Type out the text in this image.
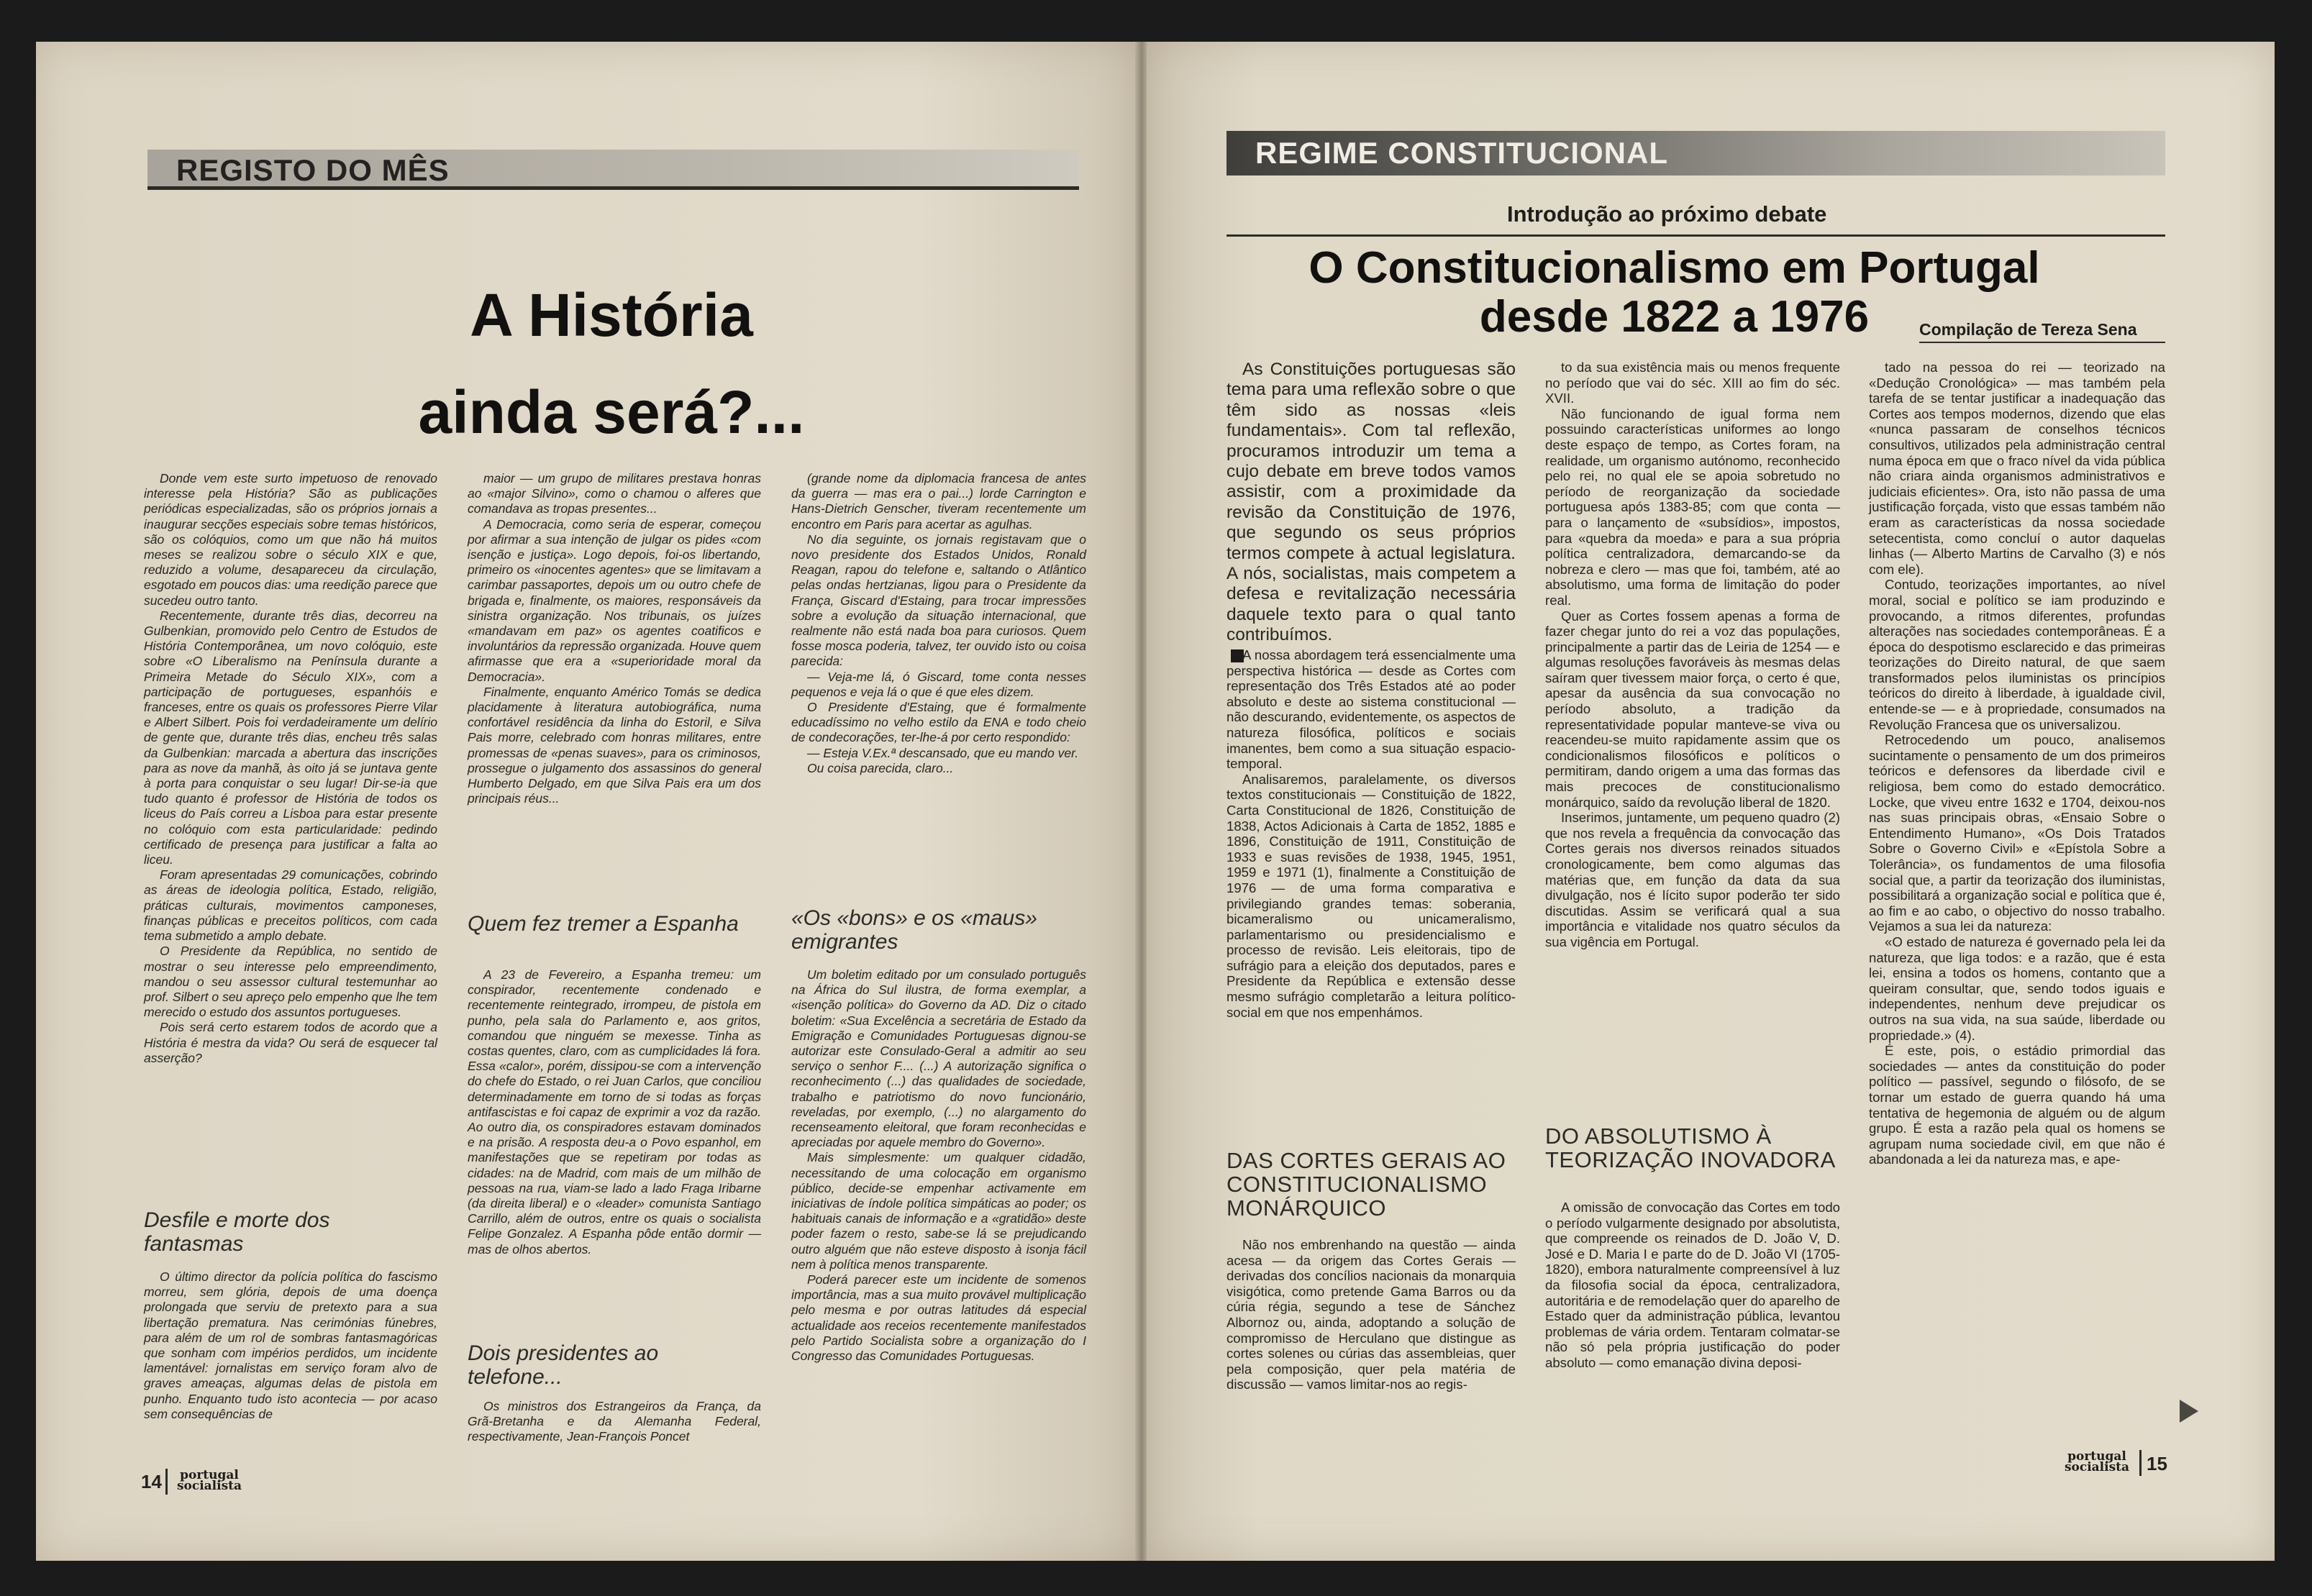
REGISTO DO MÊS
A História
ainda será?...

Donde vem este surto impetuoso de renovado interesse pela História? São as publicações periódicas especializadas, são os próprios jornais a inaugurar secções especiais sobre temas históricos, são os colóquios, como um que não há muitos meses se realizou sobre o século XIX e que, reduzido a volume, desapareceu da circulação, esgotado em poucos dias: uma reedição parece que sucedeu outro tanto.

Recentemente, durante três dias, decorreu na Gulbenkian, promovido pelo Centro de Estudos de História Contemporânea, um novo colóquio, este sobre «O Liberalismo na Península durante a Primeira Metade do Século XIX», com a participação de portugueses, espanhóis e franceses, entre os quais os professores Pierre Vilar e Albert Silbert. Pois foi verdadeiramente um delírio de gente que, durante três dias, encheu três salas da Gulbenkian: marcada a abertura das inscrições para as nove da manhã, às oito já se juntava gente à porta para conquistar o seu lugar! Dir-se-ia que tudo quanto é professor de História de todos os liceus do País correu a Lisboa para estar presente no colóquio com esta particularidade: pedindo certificado de presença para justificar a falta ao liceu.

Foram apresentadas 29 comunicações, cobrindo as áreas de ideologia política, Estado, religião, práticas culturais, movimentos camponeses, finanças públicas e preceitos políticos, com cada tema submetido a amplo debate.

O Presidente da República, no sentido de mostrar o seu interesse pelo empreendimento, mandou o seu assessor cultural testemunhar ao prof. Silbert o seu apreço pelo empenho que lhe tem merecido o estudo dos assuntos portugueses.

Pois será certo estarem todos de acordo que a História é mestra da vida? Ou será de esquecer tal asserção?

Desfile e morte dos fantasmas

O último director da polícia política do fascismo morreu, sem glória, depois de uma doença prolongada que serviu de pretexto para a sua libertação prematura. Nas cerimónias fúnebres, para além de um rol de sombras fantasmagóricas que sonham com impérios perdidos, um incidente lamentável: jornalistas em serviço foram alvo de graves ameaças, algumas delas de pistola em punho. Enquanto tudo isto acontecia — por acaso sem consequências de

maior — um grupo de militares prestava honras ao «major Silvino», como o chamou o alferes que comandava as tropas presentes...

A Democracia, como seria de esperar, começou por afirmar a sua intenção de julgar os pides «com isenção e justiça». Logo depois, foi-os libertando, primeiro os «inocentes agentes» que se limitavam a carimbar passaportes, depois um ou outro chefe de brigada e, finalmente, os maiores, responsáveis da sinistra organização. Nos tribunais, os juízes «mandavam em paz» os agentes coatificos e involuntários da repressão organizada. Houve quem afirmasse que era a «superioridade moral da Democracia».

Finalmente, enquanto Américo Tomás se dedica placidamente à literatura autobiográfica, numa confortável residência da linha do Estoril, e Silva Pais morre, celebrado com honras militares, entre promessas de «penas suaves», para os criminosos, prossegue o julgamento dos assassinos do general Humberto Delgado, em que Silva Pais era um dos principais réus...

Quem fez tremer a Espanha

A 23 de Fevereiro, a Espanha tremeu: um conspirador, recentemente condenado e recentemente reintegrado, irrompeu, de pistola em punho, pela sala do Parlamento e, aos gritos, comandou que ninguém se mexesse. Tinha as costas quentes, claro, com as cumplicidades lá fora. Essa «calor», porém, dissipou-se com a intervenção do chefe do Estado, o rei Juan Carlos, que conciliou determinadamente em torno de si todas as forças antifascistas e foi capaz de exprimir a voz da razão. Ao outro dia, os conspiradores estavam dominados e na prisão. A resposta deu-a o Povo espanhol, em manifestações que se repetiram por todas as cidades: na de Madrid, com mais de um milhão de pessoas na rua, viam-se lado a lado Fraga Iribarne (da direita liberal) e o «leader» comunista Santiago Carrillo, além de outros, entre os quais o socialista Felipe Gonzalez. A Espanha pôde então dormir — mas de olhos abertos.

Dois presidentes ao telefone...

Os ministros dos Estrangeiros da França, da Grã-Bretanha e da Alemanha Federal, respectivamente, Jean-François Poncet

(grande nome da diplomacia francesa de antes da guerra — mas era o pai...) lorde Carrington e Hans-Dietrich Genscher, tiveram recentemente um encontro em Paris para acertar as agulhas.

No dia seguinte, os jornais registavam que o novo presidente dos Estados Unidos, Ronald Reagan, rapou do telefone e, saltando o Atlântico pelas ondas hertzianas, ligou para o Presidente da França, Giscard d'Estaing, para trocar impressões sobre a evolução da situação internacional, que realmente não está nada boa para curiosos. Quem fosse mosca poderia, talvez, ter ouvido isto ou coisa parecida:

— Veja-me lá, ó Giscard, tome conta nesses pequenos e veja lá o que é que eles dizem.

O Presidente d'Estaing, que é formalmente educadíssimo no velho estilo da ENA e todo cheio de condecorações, ter-lhe-á por certo respondido:

— Esteja V.Ex.ª descansado, que eu mando ver.

Ou coisa parecida, claro...

«Os «bons» e os «maus» emigrantes

Um boletim editado por um consulado português na África do Sul ilustra, de forma exemplar, a «isenção política» do Governo da AD. Diz o citado boletim: «Sua Excelência a secretária de Estado da Emigração e Comunidades Portuguesas dignou-se autorizar este Consulado-Geral a admitir ao seu serviço o senhor F.... (...) A autorização significa o reconhecimento (...) das qualidades de sociedade, trabalho e patriotismo do novo funcionário, reveladas, por exemplo, (...) no alargamento do recenseamento eleitoral, que foram reconhecidas e apreciadas por aquele membro do Governo».

Mais simplesmente: um qualquer cidadão, necessitando de uma colocação em organismo público, decide-se empenhar activamente em iniciativas de índole política simpáticas ao poder; os habituais canais de informação e a «gratidão» deste poder fazem o resto, sabe-se lá se prejudicando outro alguém que não esteve disposto à isonja fácil nem à política menos transparente.

Poderá parecer este um incidente de somenos importância, mas a sua muito provável multiplicação pelo mesma e por outras latitudes dá especial actualidade aos receios recentemente manifestados pelo Partido Socialista sobre a organização do I Congresso das Comunidades Portuguesas.

14	portugal
socialista
REGIME CONSTITUCIONAL
Introdução ao próximo debate
O Constitucionalismo em Portugal
desde 1822 a 1976	Compilação de Tereza Sena

As Constituições portuguesas são tema para uma reflexão sobre o que têm sido as nossas «leis fundamentais». Com tal reflexão, procuramos introduzir um tema a cujo debate em breve todos vamos assistir, com a proximidade da revisão da Constituição de 1976, que segundo os seus próprios termos compete à actual legislatura. A nós, socialistas, mais competem a defesa e revitalização necessária daquele texto para o qual tanto contribuímos.

A nossa abordagem terá essencialmente uma perspectiva histórica — desde as Cortes com representação dos Três Estados até ao poder absoluto e deste ao sistema constitucional — não descurando, evidentemente, os aspectos de natureza filosófica, políticos e sociais imanentes, bem como a sua situação espacio-temporal.

Analisaremos, paralelamente, os diversos textos constitucionais — Constituição de 1822, Carta Constitucional de 1826, Constituição de 1838, Actos Adicionais à Carta de 1852, 1885 e 1896, Constituição de 1911, Constituição de 1933 e suas revisões de 1938, 1945, 1951, 1959 e 1971 (1), finalmente a Constituição de 1976 — de uma forma comparativa e privilegiando grandes temas: soberania, bicameralismo ou unicameralismo, parlamentarismo ou presidencialismo e processo de revisão. Leis eleitorais, tipo de sufrágio para a eleição dos deputados, pares e Presidente da República e extensão desse mesmo sufrágio completarão a leitura político-social em que nos empenhámos.

DAS CORTES GERAIS AO CONSTITUCIONALISMO MONÁRQUICO

Não nos embrenhando na questão — ainda acesa — da origem das Cortes Gerais — derivadas dos concílios nacionais da monarquia visigótica, como pretende Gama Barros ou da cúria régia, segundo a tese de Sánchez Albornoz ou, ainda, adoptando a solução de compromisso de Herculano que distingue as cortes solenes ou cúrias das assembleias, quer pela composição, quer pela matéria de discussão — vamos limitar-nos ao regis-

to da sua existência mais ou menos frequente no período que vai do séc. XIII ao fim do séc. XVII.

Não funcionando de igual forma nem possuindo características uniformes ao longo deste espaço de tempo, as Cortes foram, na realidade, um organismo autónomo, reconhecido pelo rei, no qual ele se apoia sobretudo no período de reorganização da sociedade portuguesa após 1383-85; com que conta — para o lançamento de «subsídios», impostos, para «quebra da moeda» e para a sua própria política centralizadora, demarcando-se da nobreza e clero — mas que foi, também, até ao absolutismo, uma forma de limitação do poder real.

Quer as Cortes fossem apenas a forma de fazer chegar junto do rei a voz das populações, principalmente a partir das de Leiria de 1254 — e algumas resoluções favoráveis às mesmas delas saíram quer tivessem maior força, o certo é que, apesar da ausência da sua convocação no período absoluto, a tradição da representatividade popular manteve-se viva ou reacendeu-se muito rapidamente assim que os condicionalismos filosóficos e políticos o permitiram, dando origem a uma das formas das mais precoces de constitucionalismo monárquico, saído da revolução liberal de 1820.

Inserimos, juntamente, um pequeno quadro (2) que nos revela a frequência da convocação das Cortes gerais nos diversos reinados situados cronologicamente, bem como algumas das matérias que, em função da data da sua divulgação, nos é lícito supor poderão ter sido discutidas. Assim se verificará qual a sua importância e vitalidade nos quatro séculos da sua vigência em Portugal.

DO ABSOLUTISMO À TEORIZAÇÃO INOVADORA

A omissão de convocação das Cortes em todo o período vulgarmente designado por absolutista, que compreende os reinados de D. João V, D. José e D. Maria I e parte do de D. João VI (1705-1820), embora naturalmente compreensível à luz da filosofia social da época, centralizadora, autoritária e de remodelação quer do aparelho de Estado quer da administração pública, levantou problemas de vária ordem. Tentaram colmatar-se não só pela própria justificação do poder absoluto — como emanação divina deposi-

tado na pessoa do rei — teorizado na «Dedução Cronológica» — mas também pela tarefa de se tentar justificar a inadequação das Cortes aos tempos modernos, dizendo que elas «nunca passaram de conselhos técnicos consultivos, utilizados pela administração central numa época em que o fraco nível da vida pública não criara ainda organismos administrativos e judiciais eficientes». Ora, isto não passa de uma justificação forçada, visto que essas também não eram as características da nossa sociedade setecentista, como concluí o autor daquelas linhas (— Alberto Martins de Carvalho (3) e nós com ele).

Contudo, teorizações importantes, ao nível moral, social e político se iam produzindo e provocando, a ritmos diferentes, profundas alterações nas sociedades contemporâneas. É a época do despotismo esclarecido e das primeiras teorizações do Direito natural, de que saem transformados pelos iluministas os princípios teóricos do direito à liberdade, à igualdade civil, entende-se — e à propriedade, consumados na Revolução Francesa que os universalizou.

Retrocedendo um pouco, analisemos sucintamente o pensamento de um dos primeiros teóricos e defensores da liberdade civil e religiosa, bem como do estado democrático. Locke, que viveu entre 1632 e 1704, deixou-nos nas suas principais obras, «Ensaio Sobre o Entendimento Humano», «Os Dois Tratados Sobre o Governo Civil» e «Epístola Sobre a Tolerância», os fundamentos de uma filosofia social que, a partir da teorização dos iluministas, possibilitará a organização social e política que é, ao fim e ao cabo, o objectivo do nosso trabalho. Vejamos a sua lei da natureza:

«O estado de natureza é governado pela lei da natureza, que liga todos: e a razão, que é esta lei, ensina a todos os homens, contanto que a queiram consultar, que, sendo todos iguais e independentes, nenhum deve prejudicar os outros na sua vida, na sua saúde, liberdade ou propriedade.» (4).

É este, pois, o estádio primordial das sociedades — antes da constituição do poder político — passível, segundo o filósofo, de se tornar um estado de guerra quando há uma tentativa de hegemonia de alguém ou de algum grupo. É esta a razão pela qual os homens se agrupam numa sociedade civil, em que não é abandonada a lei da natureza mas, e ape-

portugal
socialista 15
